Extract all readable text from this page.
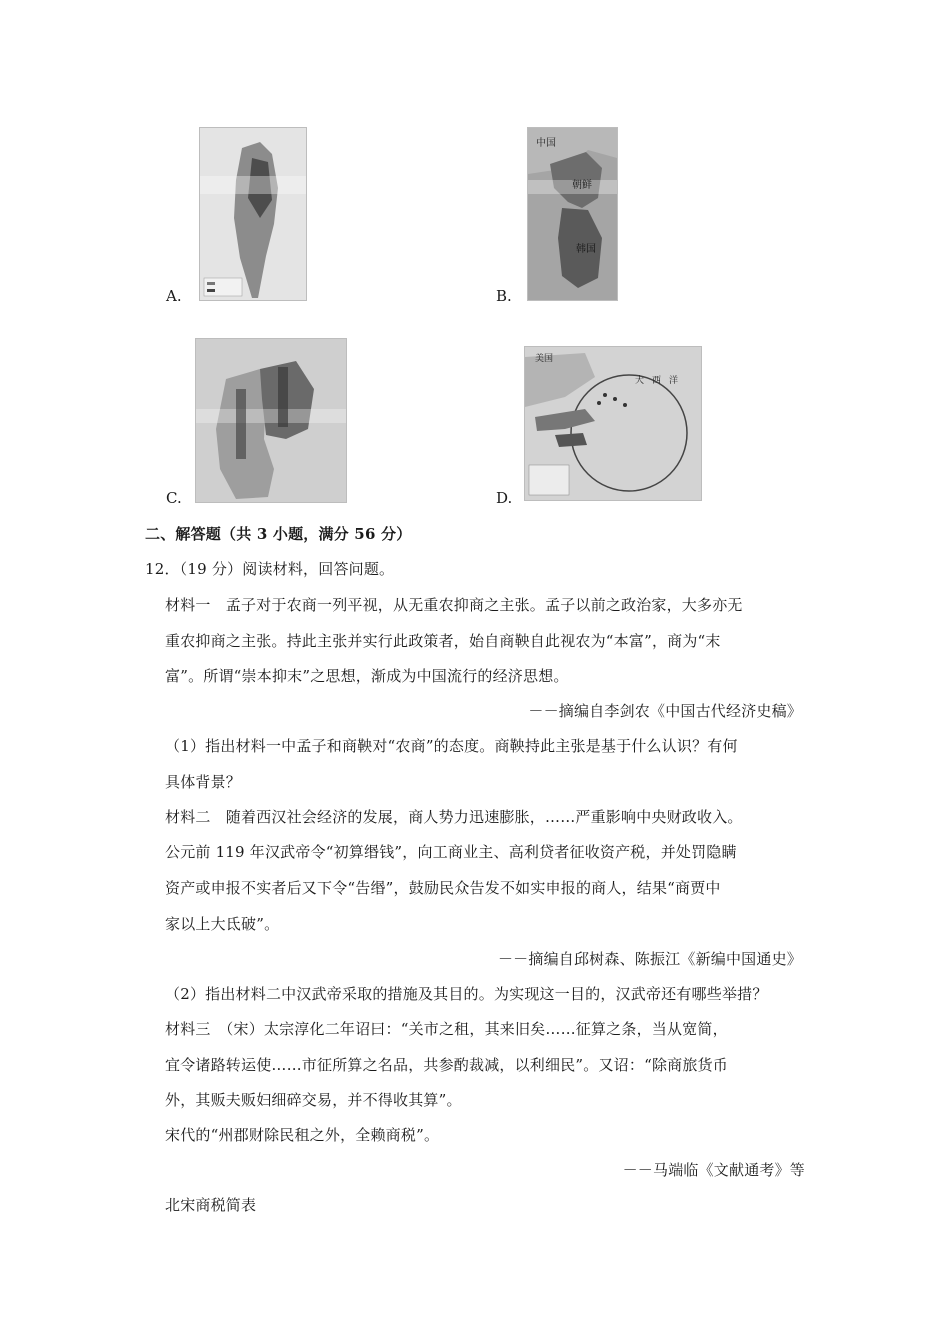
A.
中国
朝鲜
韩国
B.
C.
美国
大西洋
D.
二、解答题（共 3 小题，满分 56 分）
12．（19 分）阅读材料，回答问题。
材料一　孟子对于农商一列平视，从无重农抑商之主张。孟子以前之政治家，大多亦无
重农抑商之主张。持此主张并实行此政策者，始自商鞅自此视农为“本富”，商为“末
富”。所谓“崇本抑末”之思想，渐成为中国流行的经济思想。
－－摘编自李剑农《中国古代经济史稿》
（1）指出材料一中孟子和商鞅对“农商”的态度。商鞅持此主张是基于什么认识？有何
具体背景？
材料二　随着西汉社会经济的发展，商人势力迅速膨胀，……严重影响中央财政收入。
公元前 119 年汉武帝令“初算缗钱”，向工商业主、高利贷者征收资产税，并处罚隐瞒
资产或申报不实者后又下令“告缗”，鼓励民众告发不如实申报的商人，结果“商贾中
家以上大氐破”。
－－摘编自邱树森、陈振江《新编中国通史》
（2）指出材料二中汉武帝采取的措施及其目的。为实现这一目的，汉武帝还有哪些举措？
材料三　（宋）太宗淳化二年诏曰：“关市之租，其来旧矣……征算之条，当从宽简，
宜令诸路转运使……市征所算之名品，共参酌裁减，以利细民”。又诏：“除商旅货币
外，其贩夫贩妇细碎交易，并不得收其算”。
宋代的“州郡财除民租之外，全赖商税”。
－－马端临《文献通考》等
北宋商税简表
